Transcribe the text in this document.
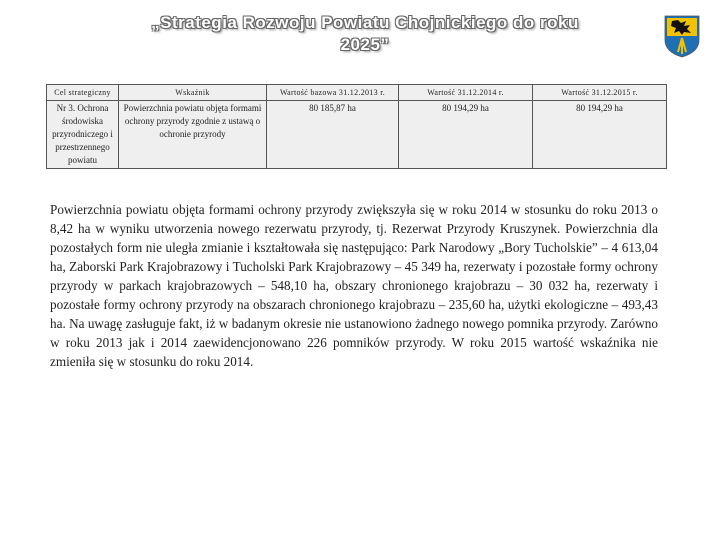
„Strategia Rozwoju Powiatu Chojnickiego do roku 2025”
Cel strategiczny	Wskaźnik	Wartość bazowa 31.12.2013 r.	Wartość 31.12.2014 r.	Wartość 31.12.2015 r.
Nr 3. Ochrona środowiska przyrodniczego i przestrzennego powiatu	Powierzchnia powiatu objęta formami ochrony przyrody zgodnie z ustawą o ochronie przyrody	80 185,87 ha	80 194,29 ha	80 194,29 ha

Powierzchnia powiatu objęta formami ochrony przyrody zwiększyła się w roku 2014 w stosunku do roku 2013 o 8,42 ha w wyniku utworzenia nowego rezerwatu przyrody, tj. Rezerwat Przyrody Kruszynek. Powierzchnia dla pozostałych form nie uległa zmianie i kształtowała się następująco: Park Narodowy „Bory Tucholskie” – 4 613,04 ha, Zaborski Park Krajobrazowy i Tucholski Park Krajobrazowy – 45 349 ha, rezerwaty i pozostałe formy ochrony przyrody w parkach krajobrazowych – 548,10 ha, obszary chronionego krajobrazu – 30 032 ha, rezerwaty i pozostałe formy ochrony przyrody na obszarach chronionego krajobrazu – 235,60 ha, użytki ekologiczne – 493,43 ha. Na uwagę zasługuje fakt, iż w badanym okresie nie ustanowiono żadnego nowego pomnika przyrody. Zarówno w roku 2013 jak i 2014 zaewidencjonowano 226 pomników przyrody. W roku 2015 wartość wskaźnika nie zmieniła się w stosunku do roku 2014.
